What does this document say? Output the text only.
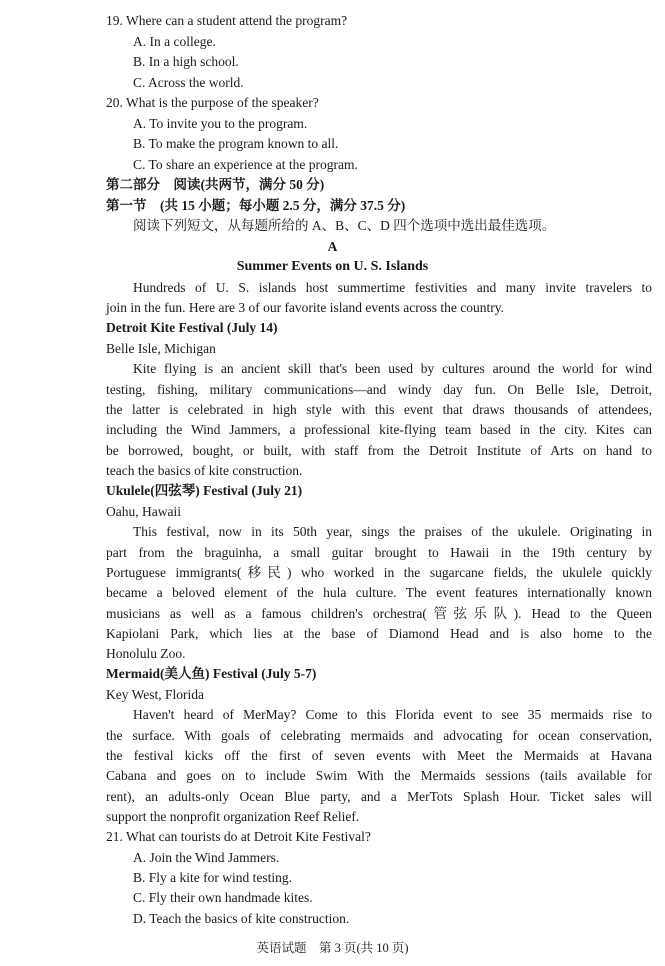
19. Where can a student attend the program?
A. In a college.
B. In a high school.
C. Across the world.
20. What is the purpose of the speaker?
A. To invite you to the program.
B. To make the program known to all.
C. To share an experience at the program.
第二部分　阅读(共两节，满分 50 分)
第一节　(共 15 小题；每小题 2.5 分，满分 37.5 分)
阅读下列短文，从每题所给的 A、B、C、D 四个选项中选出最佳选项。
A
Summer Events on U. S. Islands
Hundreds of U. S. islands host summertime festivities and many invite travelers to
join in the fun. Here are 3 of our favorite island events across the country.
Detroit Kite Festival (July 14)
Belle Isle, Michigan
Kite flying is an ancient skill that's been used by cultures around the world for wind
testing, fishing, military communications—and windy day fun. On Belle Isle, Detroit,
the latter is celebrated in high style with this event that draws thousands of attendees,
including the Wind Jammers, a professional kite-flying team based in the city. Kites can
be borrowed, bought, or built, with staff from the Detroit Institute of Arts on hand to
teach the basics of kite construction.
Ukulele(四弦琴) Festival (July 21)
Oahu, Hawaii
This festival, now in its 50th year, sings the praises of the ukulele. Originating in
part from the braguinha, a small guitar brought to Hawaii in the 19th century by
Portuguese immigrants(移民) who worked in the sugarcane fields, the ukulele quickly
became a beloved element of the hula culture. The event features internationally known
musicians as well as a famous children's orchestra(管弦乐队). Head to the Queen
Kapiolani Park, which lies at the base of Diamond Head and is also home to the
Honolulu Zoo.
Mermaid(美人鱼) Festival (July 5-7)
Key West, Florida
Haven't heard of MerMay? Come to this Florida event to see 35 mermaids rise to
the surface. With goals of celebrating mermaids and advocating for ocean conservation,
the festival kicks off the first of seven events with Meet the Mermaids at Havana
Cabana and goes on to include Swim With the Mermaids sessions (tails available for
rent), an adults-only Ocean Blue party, and a MerTots Splash Hour. Ticket sales will
support the nonprofit organization Reef Relief.
21. What can tourists do at Detroit Kite Festival?
A. Join the Wind Jammers.
B. Fly a kite for wind testing.
C. Fly their own handmade kites.
D. Teach the basics of kite construction.
英语试题　第 3 页(共 10 页)
